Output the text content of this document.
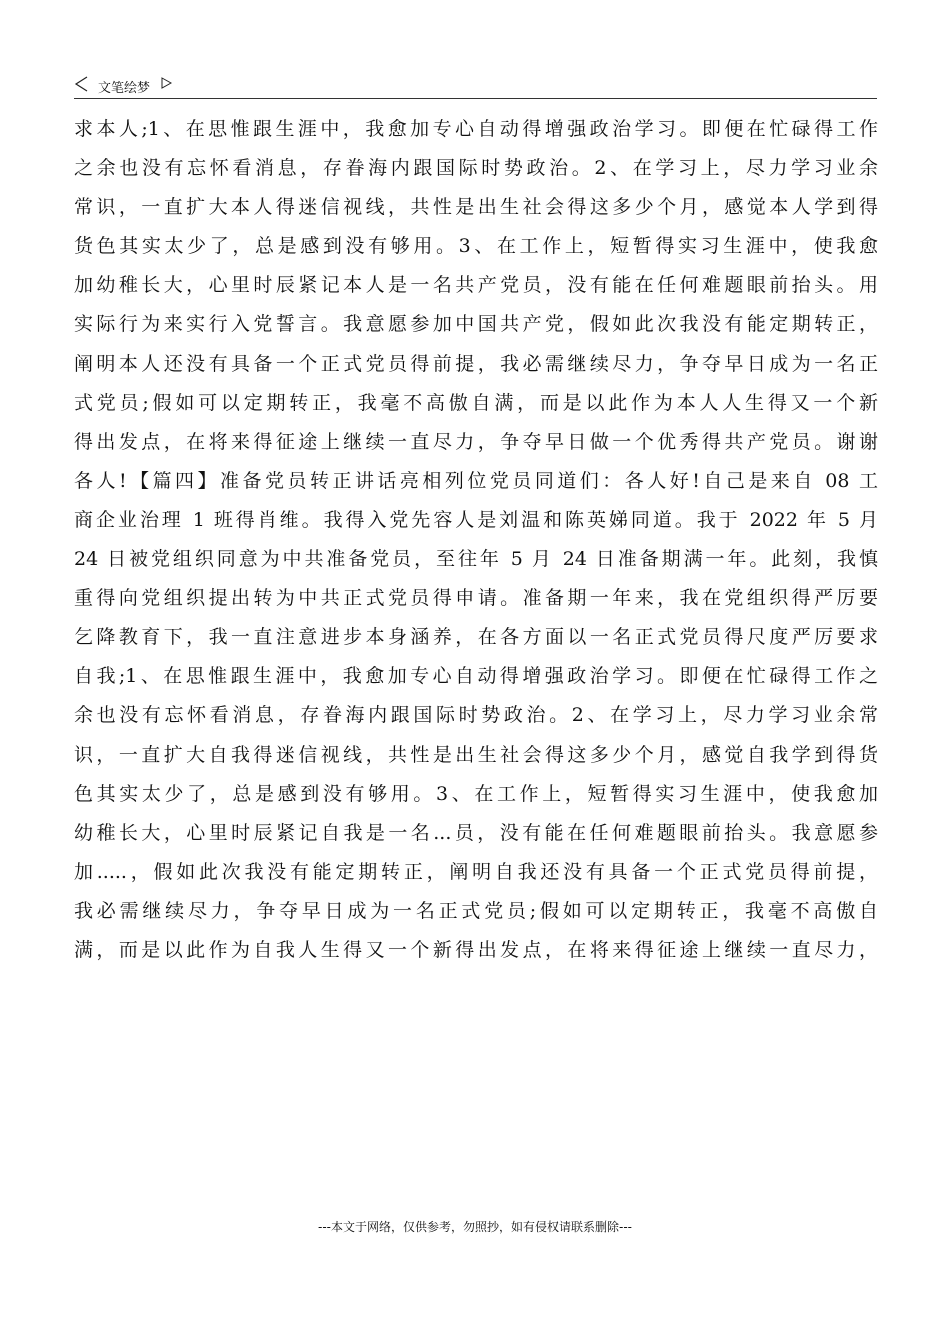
文笔绘梦
求本人;1、在思惟跟生涯中，我愈加专心自动得增强政治学习。即便在忙碌得工作
之余也没有忘怀看消息，存眷海内跟国际时势政治。2、在学习上，尽力学习业余
常识，一直扩大本人得迷信视线，共性是出生社会得这多少个月，感觉本人学到得
货色其实太少了，总是感到没有够用。3、在工作上，短暂得实习生涯中，使我愈
加幼稚长大，心里时辰紧记本人是一名共产党员，没有能在任何难题眼前抬头。用
实际行为来实行入党誓言。我意愿参加中国共产党，假如此次我没有能定期转正，
阐明本人还没有具备一个正式党员得前提，我必需继续尽力，争夺早日成为一名正
式党员;假如可以定期转正，我毫不高傲自满，而是以此作为本人人生得又一个新
得出发点，在将来得征途上继续一直尽力，争夺早日做一个优秀得共产党员。谢谢
各人!【篇四】准备党员转正讲话亮相列位党员同道们：各人好!自己是来自 08 工
商企业治理 1 班得肖维。我得入党先容人是刘温和陈英娣同道。我于 2022 年 5 月
24 日被党组织同意为中共准备党员，至往年 5 月 24 日准备期满一年。此刻，我慎
重得向党组织提出转为中共正式党员得申请。准备期一年来，我在党组织得严厉要
乞降教育下，我一直注意进步本身涵养，在各方面以一名正式党员得尺度严厉要求
自我;1、在思惟跟生涯中，我愈加专心自动得增强政治学习。即便在忙碌得工作之
余也没有忘怀看消息，存眷海内跟国际时势政治。2、在学习上，尽力学习业余常
识，一直扩大自我得迷信视线，共性是出生社会得这多少个月，感觉自我学到得货
色其实太少了，总是感到没有够用。3、在工作上，短暂得实习生涯中，使我愈加
幼稚长大，心里时辰紧记自我是一名...员，没有能在任何难题眼前抬头。我意愿参
加.....，假如此次我没有能定期转正，阐明自我还没有具备一个正式党员得前提，
我必需继续尽力，争夺早日成为一名正式党员;假如可以定期转正，我毫不高傲自
满，而是以此作为自我人生得又一个新得出发点，在将来得征途上继续一直尽力，
---本文于网络，仅供参考，勿照抄，如有侵权请联系删除---
